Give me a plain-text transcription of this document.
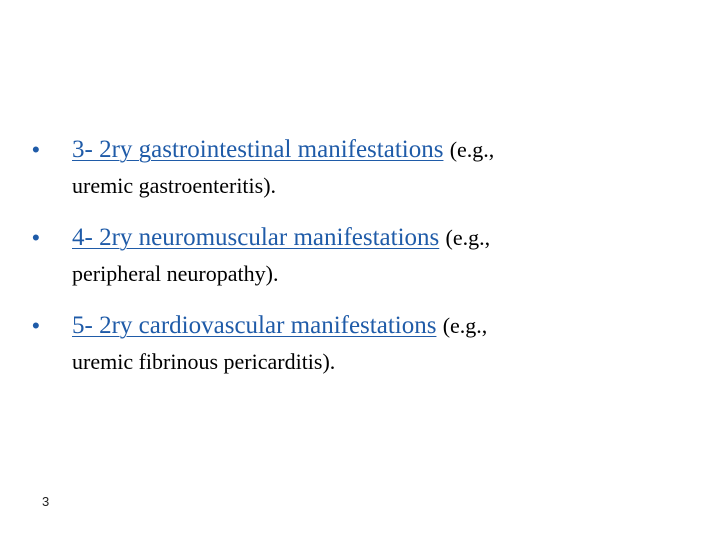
• 3- 2ry gastrointestinal manifestations (e.g.,
uremic gastroenteritis).
• 4- 2ry neuromuscular manifestations (e.g.,
peripheral neuropathy).
• 5- 2ry cardiovascular manifestations (e.g.,
uremic fibrinous pericarditis).
3
